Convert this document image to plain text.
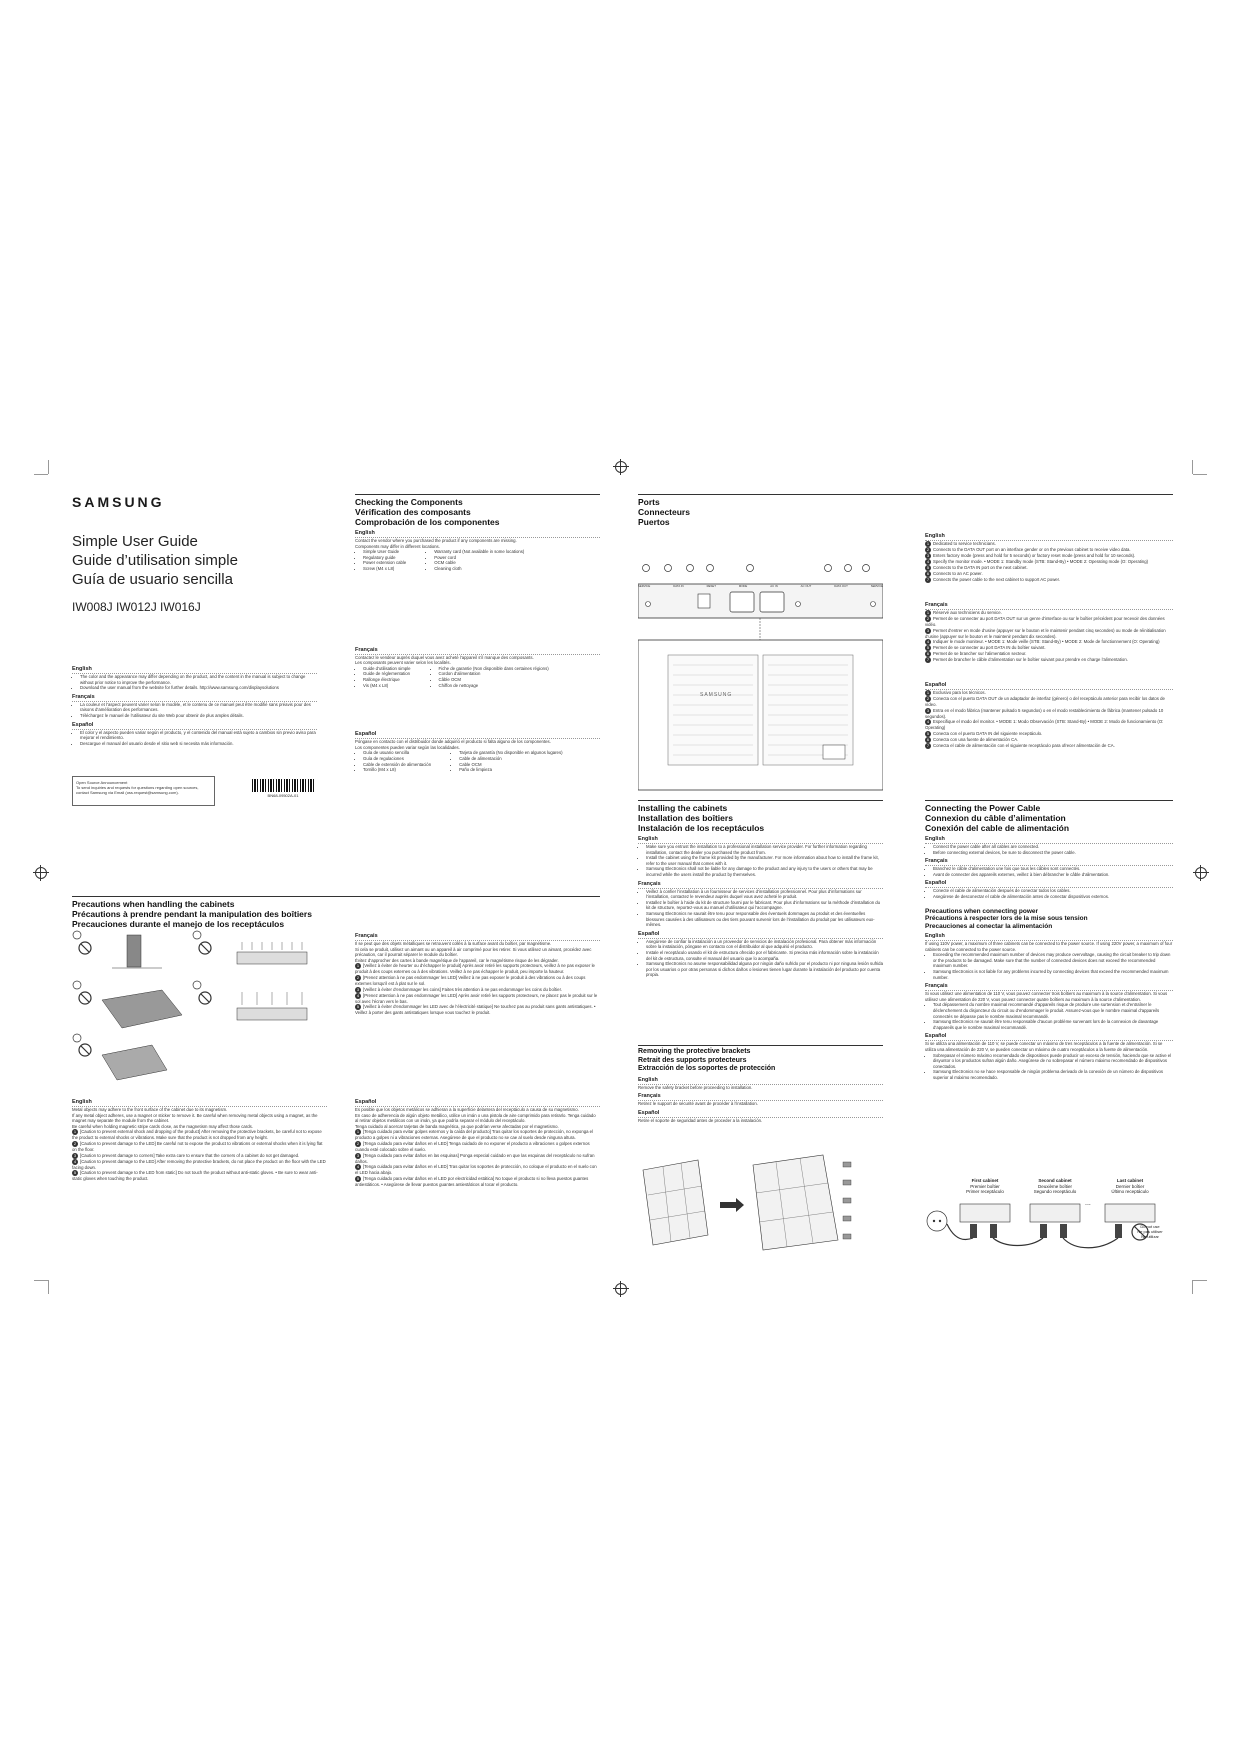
SAMSUNG
Simple User Guide
Guide d’utilisation simple
Guía de usuario sencilla
IW008J IW012J IW016J
English
• The color and the appearance may differ depending on the product, and the content in the manual is subject to change without prior notice to improve the performance.
• Download the user manual from the website for further details. http://www.samsung.com/displaysolutions
Français
• La couleur et l’aspect peuvent varier selon le modèle, et le contenu de ce manuel peut être modifié sans préavis pour des raisons d’amélioration des performances.
• Téléchargez le manuel de l’utilisateur du site Web pour obtenir de plus amples détails.
Español
• El color y el aspecto pueden variar según el producto, y el contenido del manual está sujeto a cambios sin previo aviso para mejorar el rendimiento.
• Descargue el manual del usuario desde el sitio web si necesita más información.
Open Source Announcement
To send inquiries and requests for questions regarding open sources,
contact Samsung via Email (oss.request@samsung.com).
BN68-09502A-01
Checking the Components
Vérification des composants
Comprobación de los componentes
English
Contact the vendor where you purchased the product if any components are missing.
Components may differ in different locations.
• Simple User Guide
• Regulatory guide
• Power extension cable
• Screw (M4 x L8)
• Warranty card (Not available in some locations)
• Power cord
• OCM cable
• Cleaning cloth
Français
Contactez le vendeur auprès duquel vous avez acheté l’appareil s’il manque des composants.
Les composants peuvent varier selon les localités.
• Guide d’utilisation simple
• Guide de réglementation
• Rallonge électrique
• Vis (M4 x L8)
• Fiche de garantie (Non disponible dans certaines régions)
• Cordon d’alimentation
• Câble OCM
• Chiffon de nettoyage
Español
Póngase en contacto con el distribuidor donde adquirió el producto si falta alguno de los componentes.
Los componentes pueden variar según las localidades.
• Guía de usuario sencilla
• Guía de regulaciones
• Cable de extensión de alimentación
• Tornillo (M4 x L8)
• Tarjeta de garantía (No disponible en algunos lugares)
• Cable de alimentación
• Cable OCM
• Paño de limpieza
Ports
Connecteurs
Puertos
SERVICE	DATA IN	RESET	MODE	AC IN	AC OUT	DATA OUT	SERVICE
SAMSUNG
English
1 Dedicated to service technicians.
2 Connects to the DATA OUT port on an interface gender or on the previous cabinet to receive video data.
3 Enters factory mode (press and hold for 5 seconds) or factory reset mode (press and hold for 10 seconds).
4 Specify the monitor mode. • MODE 1: Standby mode (STB: Stand-By) • MODE 2: Operating mode (O: Operating)
5 Connects to the DATA IN port on the next cabinet.
6 Connects to an AC power.
7 Connects the power cable to the next cabinet to support AC power.
Français
1 Réservé aux techniciens du service.
2 Permet de se connecter au port DATA OUT sur un genre d’interface ou sur le boîtier précédent pour recevoir des données vidéo.
3 Permet d’entrer en mode d’usine (appuyer sur le bouton et le maintenir pendant cinq secondes) ou mode de réinitialisation d’usine (appuyer sur le bouton et le maintenir pendant dix secondes).
4 Indiquer le mode moniteur. • MODE 1: Mode veille (STB: Stand-By) • MODE 2: Mode de fonctionnement (O: Operating)
5 Permet de se connecter au port DATA IN du boîtier suivant.
6 Permet de se brancher sur l’alimentation secteur.
7 Permet de brancher le câble d’alimentation sur le boîtier suivant pour prendre en charge l’alimentation.
Español
1 Exclusivo para los técnicos.
2 Conecta con el puerto DATA OUT de un adaptador de interfaz (género) o del receptáculo anterior para recibir los datos de vídeo.
3 Entra en el modo fábrica (mantener pulsado 5 segundos) o en el modo restablecimiento de fábrica (mantener pulsado 10 segundos).
4 Especifique el modo del monitor. • MODE 1: Modo Observación (STB: Stand-By) • MODE 2: Modo de funcionamiento (O: Operating)
5 Conecta con el puerto DATA IN del siguiente receptáculo.
6 Conecta con una fuente de alimentación CA.
7 Conecta el cable de alimentación con el siguiente receptáculo para ofrecer alimentación de CA.
Precautions when handling the cabinets
Précautions à prendre pendant la manipulation des boîtiers
Precauciones durante el manejo de los receptáculos
English
Metal objects may adhere to the front surface of the cabinet due to its magnetism.
If any metal object adheres, use a magnet or sticker to remove it. Be careful when removing metal objects using a magnet, as the magnet may separate the module from the cabinet.
Be careful when holding magnetic stripe cards close, as the magnetism may affect those cards.
1 [Caution to prevent external shock and dropping of the product] After removing the protective brackets, be careful not to expose the product to external shocks or vibrations. Make sure that the product is not dropped from any height.
2 [Caution to prevent damage to the LED] Be careful not to expose the product to vibrations or external shocks when it is lying flat on the floor.
3 [Caution to prevent damage to corners] Take extra care to ensure that the corners of a cabinet do not get damaged.
4 [Caution to prevent damage to the LED] After removing the protective brackets, do not place the product on the floor with the LED facing down.
5 [Caution to prevent damage to the LED from static] Do not touch the product without anti-static gloves. • Be sure to wear anti-static gloves when touching the product.
Français
Il se peut que des objets métalliques se retrouvent collés à la surface avant du boîtier, par magnétisme.
Si cela se produit, utilisez un aimant ou un appareil à air comprimé pour les retirer. Si vous utilisez un aimant, procédez avec précaution, car il pourrait séparer le module du boîtier.
Évitez d’approcher des cartes à bande magnétique de l’appareil, car le magnétisme risque de les dégrader.
1 [Veillez à éviter de heurter ou d’échapper le produit] Après avoir retiré les supports protecteurs, veillez à ne pas exposer le produit à des coups externes ou à des vibrations. Veillez à ne pas échapper le produit, peu importe la hauteur.
2 [Prenez attention à ne pas endommager les LED] Veillez à ne pas exposer le produit à des vibrations ou à des coups externes lorsqu’il est à plat sur le sol.
3 [Veillez à éviter d’endommager les coins] Faites très attention à ne pas endommager les coins du boîtier.
4 [Prenez attention à ne pas endommager les LED] Après avoir retiré les supports protecteurs, ne placez pas le produit sur le sol avec l’écran vers le bas.
5 [Veillez à éviter d’endommager les LED avec de l’électricité statique] Ne touchez pas au produit sans gants antistatiques. • Veillez à porter des gants antistatiques lorsque vous touchez le produit.
Español
Es posible que los objetos metálicos se adhieran a la superficie delantera del receptáculo a causa de su magnetismo.
En caso de adherencia de algún objeto metálico, utilice un imán o una pistola de aire comprimido para retirarlo. Tenga cuidado al retirar objetos metálicos con un imán, ya que podría separar el módulo del receptáculo.
Tenga cuidado al acercar tarjetas de banda magnética, ya que podrían verse afectadas por el magnetismo.
1 [Tenga cuidado para evitar golpes externos y la caída del producto] Tras quitar los soportes de protección, no exponga el producto a golpes ni a vibraciones externas. Asegúrese de que el producto no se cae al suelo desde ninguna altura.
2 [Tenga cuidado para evitar daños en el LED] Tenga cuidado de no exponer el producto a vibraciones o golpes externos cuando esté colocado sobre el suelo.
3 [Tenga cuidado para evitar daños en las esquinas] Ponga especial cuidado en que las esquinas del receptáculo no sufran daños.
4 [Tenga cuidado para evitar daños en el LED] Tras quitar los soportes de protección, no coloque el producto en el suelo con el LED hacia abajo.
5 [Tenga cuidado para evitar daños en el LED por electricidad estática] No toque el producto si no lleva puestos guantes antiestáticos. • Asegúrese de llevar puestos guantes antiestáticos al tocar el producto.
Installing the cabinets
Installation des boîtiers
Instalación de los receptáculos
English
• Make sure you entrust the installation to a professional installation service provider. For further information regarding installation, contact the dealer you purchased the product from.
• Install the cabinet using the frame kit provided by the manufacturer. For more information about how to install the frame kit, refer to the user manual that comes with it.
• Samsung Electronics shall not be liable for any damage to the product and any injury to the users or others that may be incurred while the users install the product by themselves.
Français
• Veillez à confier l’installation à un fournisseur de services d’installation professionnel. Pour plus d’informations sur l’installation, contactez le revendeur auprès duquel vous avez acheté le produit.
• Installez le boîtier à l’aide du kit de structure fourni par le fabricant. Pour plus d’informations sur la méthode d’installation du kit de structure, reportez-vous au manuel d’utilisateur qui l’accompagne.
• Samsung Electronics ne saurait être tenu pour responsable des éventuels dommages au produit et des éventuelles blessures causées à des utilisateurs ou des tiers pouvant survenir lors de l’installation du produit par les utilisateurs eux-mêmes.
Español
• Asegúrese de confiar la instalación a un proveedor de servicios de instalación profesional. Para obtener más información sobre la instalación, póngase en contacto con el distribuidor al que adquirió el producto.
• Instale el receptáculo usando el kit de estructura ofrecido por el fabricante. Si precisa más información sobre la instalación del kit de estructura, consulte el manual del usuario que lo acompaña.
• Samsung Electronics no asume responsabilidad alguna por ningún daño sufrido por el producto ni por ninguna lesión sufrida por los usuarios o por otras personas si dichos daños o lesiones tienen lugar durante la instalación del producto por cuenta propia.
Removing the protective brackets
Retrait des supports protecteurs
Extracción de los soportes de protección
English
Remove the safety bracket before proceeding to installation.
Français
Retirez le support de sécurité avant de procéder à l’installation.
Español
Retire el soporte de seguridad antes de proceder a la instalación.
Connecting the Power Cable
Connexion du câble d’alimentation
Conexión del cable de alimentación
English
• Connect the power cable after all cables are connected.
• Before connecting external devices, be sure to disconnect the power cable.
Français
• Branchez le câble d’alimentation une fois que tous les câbles sont connectés.
• Avant de connecter des appareils externes, veillez à bien débrancher le câble d’alimentation.
Español
• Conecte el cable de alimentación después de conectar todos los cables.
• Asegúrese de desconectar el cable de alimentación antes de conectar dispositivos externos.
Precautions when connecting power
Précautions à respecter lors de la mise sous tension
Precauciones al conectar la alimentación
English
If using 110V power, a maximum of three cabinets can be connected to the power source. If using 220V power, a maximum of four cabinets can be connected to the power source.
• Exceeding the recommended maximum number of devices may produce overvoltage, causing the circuit breaker to trip down or the products to be damaged. Make sure that the number of connected devices does not exceed the recommended maximum number.
• Samsung Electronics is not liable for any problems incurred by connecting devices that exceed the recommended maximum number.
Français
Si vous utilisez une alimentation de 110 V, vous pouvez connecter trois boîtiers au maximum à la source d’alimentation. Si vous utilisez une alimentation de 220 V, vous pouvez connecter quatre boîtiers au maximum à la source d’alimentation.
• Tout dépassement du nombre maximal recommandé d’appareils risque de produire une surtension et d’entraîner le déclenchement du disjoncteur du circuit ou d’endommager le produit. Assurez-vous que le nombre maximal d’appareils connectés ne dépasse pas le nombre maximal recommandé.
• Samsung Electronics ne saurait être tenu responsable d’aucun problème survenant lors de la connexion de davantage d’appareils que le nombre maximal recommandé.
Español
Si se utiliza una alimentación de 110 V, se puede conectar un máximo de tres receptáculos a la fuente de alimentación. Si se utiliza una alimentación de 220 V, se pueden conectar un máximo de cuatro receptáculos a la fuente de alimentación.
• Sobrepasar el número máximo recomendado de dispositivos puede producir un exceso de tensión, haciendo que se active el disyuntor o los productos sufran algún daño. Asegúrese de no sobrepasar el número máximo recomendado de dispositivos conectados.
• Samsung Electronics no se hace responsable de ningún problema derivado de la conexión de un número de dispositivos superior al máximo recomendado.
First cabinet
Premier boîtier
Primer receptáculo
Second cabinet
Deuxième boîtier
Segundo receptáculo
Last cabinet
Dernier boîtier
Último receptáculo
...
Do not use
Ne pas utiliser
No utilizar
